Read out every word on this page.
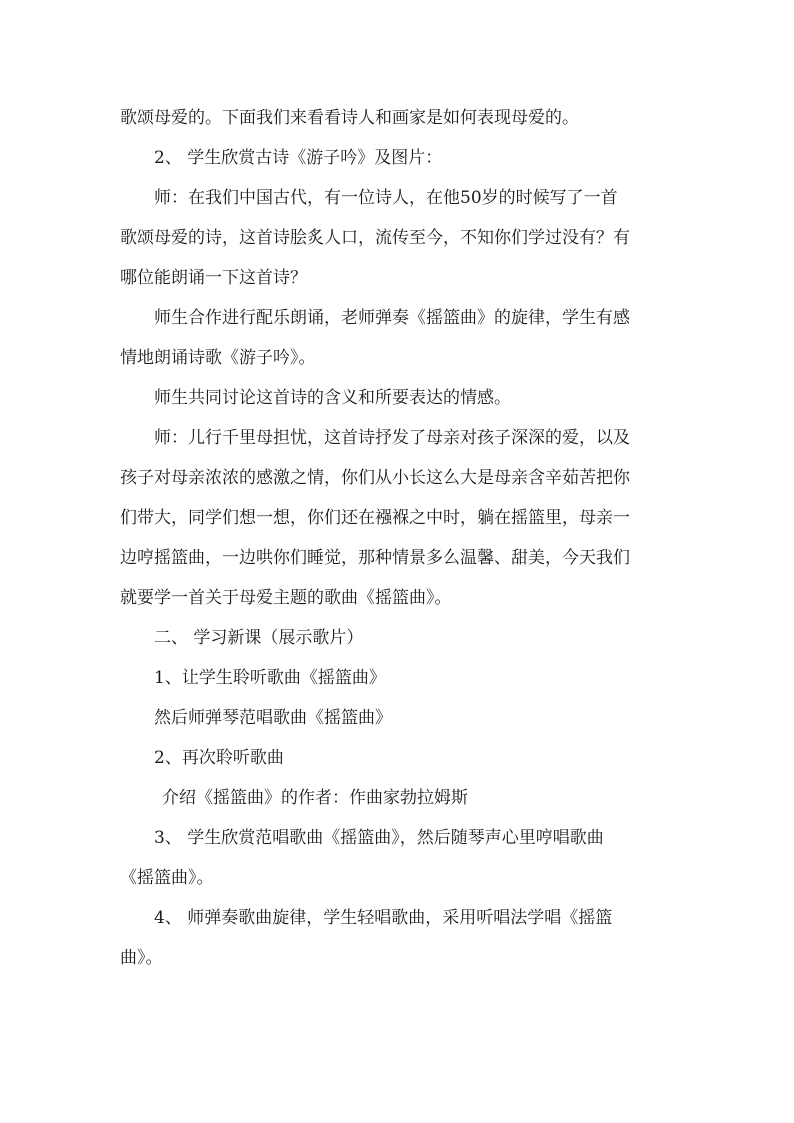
歌颂母爱的。下面我们来看看诗人和画家是如何表现母爱的。
2、 学生欣赏古诗《游子吟》及图片：
师：在我们中国古代，有一位诗人，在他50岁的时候写了一首
歌颂母爱的诗，这首诗脍炙人口，流传至今，不知你们学过没有？有
哪位能朗诵一下这首诗？
师生合作进行配乐朗诵，老师弹奏《摇篮曲》的旋律，学生有感
情地朗诵诗歌《游子吟》。
师生共同讨论这首诗的含义和所要表达的情感。
师：儿行千里母担忧，这首诗抒发了母亲对孩子深深的爱，以及
孩子对母亲浓浓的感激之情，你们从小长这么大是母亲含辛茹苦把你
们带大，同学们想一想，你们还在襁褓之中时，躺在摇篮里，母亲一
边哼摇篮曲，一边哄你们睡觉，那种情景多么温馨、甜美，今天我们
就要学一首关于母爱主题的歌曲《摇篮曲》。
二、 学习新课（展示歌片）
1、让学生聆听歌曲《摇篮曲》
然后师弹琴范唱歌曲《摇篮曲》
2、再次聆听歌曲
介绍《摇篮曲》的作者：作曲家勃拉姆斯
3、 学生欣赏范唱歌曲《摇篮曲》，然后随琴声心里哼唱歌曲
《摇篮曲》。
4、 师弹奏歌曲旋律，学生轻唱歌曲，采用听唱法学唱《摇篮
曲》。
